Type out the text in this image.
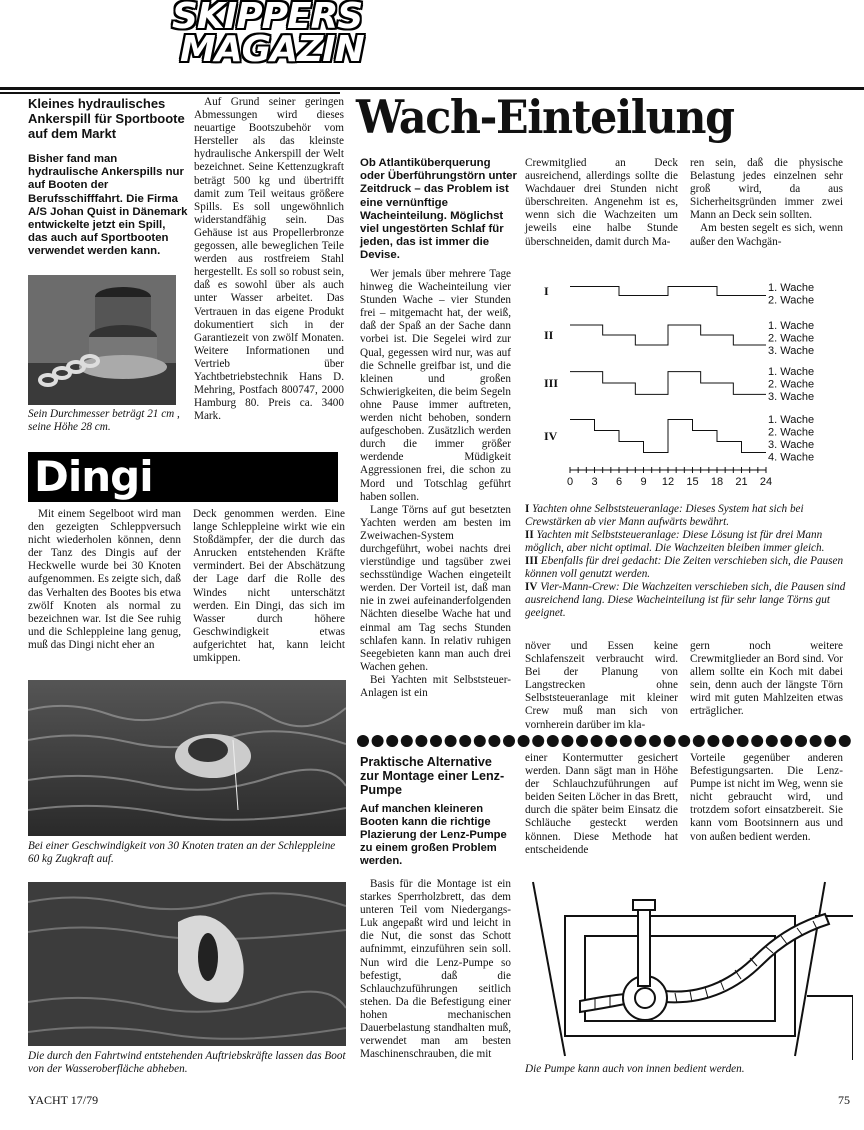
SKIPPERS
MAGAZIN
Kleines hydraulisches Ankerspill für Sportboote auf dem Markt
Bisher fand man hydraulische Ankerspills nur auf Booten der Berufsschifffahrt. Die Firma A/S Johan Quist in Dänemark entwickelte jetzt ein Spill, das auch auf Sportbooten verwendet werden kann.
Sein Durchmesser beträgt 21 cm , seine Höhe 28 cm.

Auf Grund seiner geringen Abmessungen wird dieses neuartige Bootszubehör vom Hersteller als das kleinste hydraulische Ankerspill der Welt bezeichnet. Seine Kettenzugkraft beträgt 500 kg und übertrifft damit zum Teil weitaus größere Spills. Es soll ungewöhnlich widerstandfähig sein. Das Gehäuse ist aus Propellerbronze gegossen, alle beweglichen Teile werden aus rostfreiem Stahl hergestellt. Es soll so robust sein, daß es sowohl über als auch unter Wasser arbeitet. Das Vertrauen in das eigene Produkt dokumentiert sich in der Garantiezeit von zwölf Monaten. Weitere Informationen und Vertrieb über Yachtbetriebstechnik Hans D. Mehring, Postfach 800747, 2000 Hamburg 80. Preis ca. 3400 Mark.

Dingi

Mit einem Segelboot wird man den gezeigten Schleppversuch nicht wiederholen können, denn der Tanz des Dingis auf der Heckwelle wurde bei 30 Knoten aufgenommen. Es zeigte sich, daß das Verhalten des Bootes bis etwa zwölf Knoten als normal zu bezeichnen war. Ist die See ruhig und die Schleppleine lang genug, muß das Dingi nicht eher an

Deck genommen werden. Eine lange Schleppleine wirkt wie ein Stoßdämpfer, der die durch das Anrucken entstehenden Kräfte vermindert. Bei der Abschätzung der Lage darf die Rolle des Windes nicht unterschätzt werden. Ein Dingi, das sich im Wasser durch höhere Geschwindigkeit etwas aufgerichtet hat, kann leicht umkippen.

Bei einer Geschwindigkeit von 30 Knoten traten an der Schleppleine 60 kg Zugkraft auf.
Die durch den Fahrtwind entstehenden Auftriebskräfte lassen das Boot von der Wasseroberfläche abheben.
Wach-Einteilung
Ob Atlantiküberquerung oder Überführungstörn unter Zeitdruck – das Problem ist eine vernünftige Wacheinteilung. Möglichst viel ungestörten Schlaf für jeden, das ist immer die Devise.

Wer jemals über mehrere Tage hinweg die Wacheinteilung vier Stunden Wache – vier Stunden frei – mitgemacht hat, der weiß, daß der Spaß an der Sache dann vorbei ist. Die Segelei wird zur Qual, gegessen wird nur, was auf die Schnelle greifbar ist, und die kleinen und großen Schwierigkeiten, die beim Segeln ohne Pause immer auftreten, werden nicht behoben, sondern aufgeschoben. Zusätzlich werden durch die immer größer werdende Müdigkeit Aggressionen frei, die schon zu Mord und Totschlag geführt haben sollen.

Lange Törns auf gut besetzten Yachten werden am besten im Zweiwachen-System durchgeführt, wobei nachts drei vierstündige und tagsüber zwei sechsstündige Wachen eingeteilt werden. Der Vorteil ist, daß man nie in zwei aufeinanderfolgenden Nächten dieselbe Wache hat und einmal am Tag sechs Stunden schlafen kann. In relativ ruhigen Seegebieten kann man auch drei Wachen gehen.

Bei Yachten mit Selbststeuer-Anlagen ist ein

Crewmitglied an Deck ausreichend, allerdings sollte die Wachdauer drei Stunden nicht überschreiten. Angenehm ist es, wenn sich die Wachzeiten um jeweils eine halbe Stunde überschneiden, damit durch Ma-

ren sein, daß die physische Belastung jedes einzelnen sehr groß wird, da aus Sicherheitsgründen immer zwei Mann an Deck sein sollten.

Am besten segelt es sich, wenn außer den Wachgän-

I	1. Wache
2. Wache
II
1. Wache
2. Wache
3. Wache
III
1. Wache
2. Wache
3. Wache
IV
1. Wache
2. Wache
3. Wache
4. Wache
0 3 6 9 12 15 18 21 24
I Yachten ohne Selbststeueranlage: Dieses System hat sich bei Crewstärken ab vier Mann aufwärts bewährt.
II Yachten mit Selbststeueranlage: Diese Lösung ist für drei Mann möglich, aber nicht optimal. Die Wachzeiten bleiben immer gleich.
III Ebenfalls für drei gedacht: Die Zeiten verschieben sich, die Pausen können voll genutzt werden.
IV Vier-Mann-Crew: Die Wachzeiten verschieben sich, die Pausen sind ausreichend lang. Diese Wacheinteilung ist für sehr lange Törns gut geeignet.

növer und Essen keine Schlafenszeit verbraucht wird. Bei der Planung von Langstrecken ohne Selbststeueranlage mit kleiner Crew muß man sich von vornherein darüber im kla-

gern noch weitere Crewmitglieder an Bord sind. Vor allem sollte ein Koch mit dabei sein, denn auch der längste Törn wird mit guten Mahlzeiten etwas erträglicher.

Praktische Alternative zur Montage einer Lenz-Pumpe
Auf manchen kleineren Booten kann die richtige Plazierung der Lenz-Pumpe zu einem großen Problem werden.

Basis für die Montage ist ein starkes Sperrholzbrett, das dem unteren Teil vom Niedergangs-Luk angepaßt wird und leicht in die Nut, die sonst das Schott aufnimmt, einzuführen sein soll. Nun wird die Lenz-Pumpe so befestigt, daß die Schlauchzuführungen seitlich stehen. Da die Befestigung einer hohen mechanischen Dauerbelastung standhalten muß, verwendet man am besten Maschinenschrauben, die mit

einer Kontermutter gesichert werden. Dann sägt man in Höhe der Schlauchzuführungen auf beiden Seiten Löcher in das Brett, durch die später beim Einsatz die Schläuche gesteckt werden können. Diese Methode hat entscheidende

Vorteile gegenüber anderen Befestigungsarten. Die Lenz-Pumpe ist nicht im Weg, wenn sie nicht gebraucht wird, und trotzdem sofort einsatzbereit. Sie kann vom Bootsinnern aus und von außen bedient werden.

Die Pumpe kann auch von innen bedient werden.
YACHT 17/79	75
